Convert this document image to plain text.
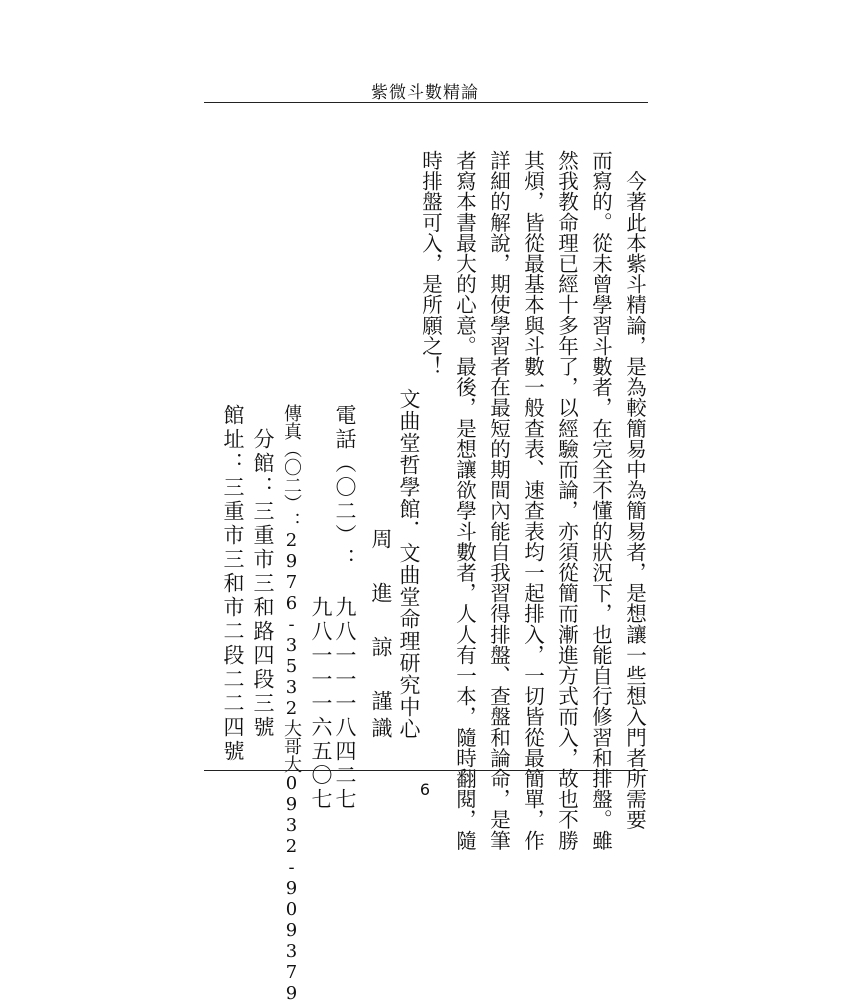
紫微斗數精論
　今著此本紫斗精論，是為較簡易中為簡易者，是想讓一些想入門者所需要
而寫的。從未曾學習斗數者，在完全不懂的狀況下，也能自行修習和排盤。雖
然我教命理已經十多年了，以經驗而論，亦須從簡而漸進方式而入，故也不勝
其煩，皆從最基本與斗數一般查表、速查表均一起排入，一切皆從最簡單，作
詳細的解說，期使學習者在最短的期間內能自我習得排盤、查盤和論命，是筆
者寫本書最大的心意。最後，是想讓欲學斗數者，人人有一本，隨時翻閱，隨
時排盤可入，是所願之！
文曲堂哲學館．文曲堂命理研究中心
周　進　諒　謹識
電話（〇二）：　九八一一一八四二七
　　　　　　　　九八一一一六五〇七
傳真（〇二）：2976-3532大哥大0932-909379
　分館：三重市三和路四段三號
館址：三重市三和市二段二二四號
6
